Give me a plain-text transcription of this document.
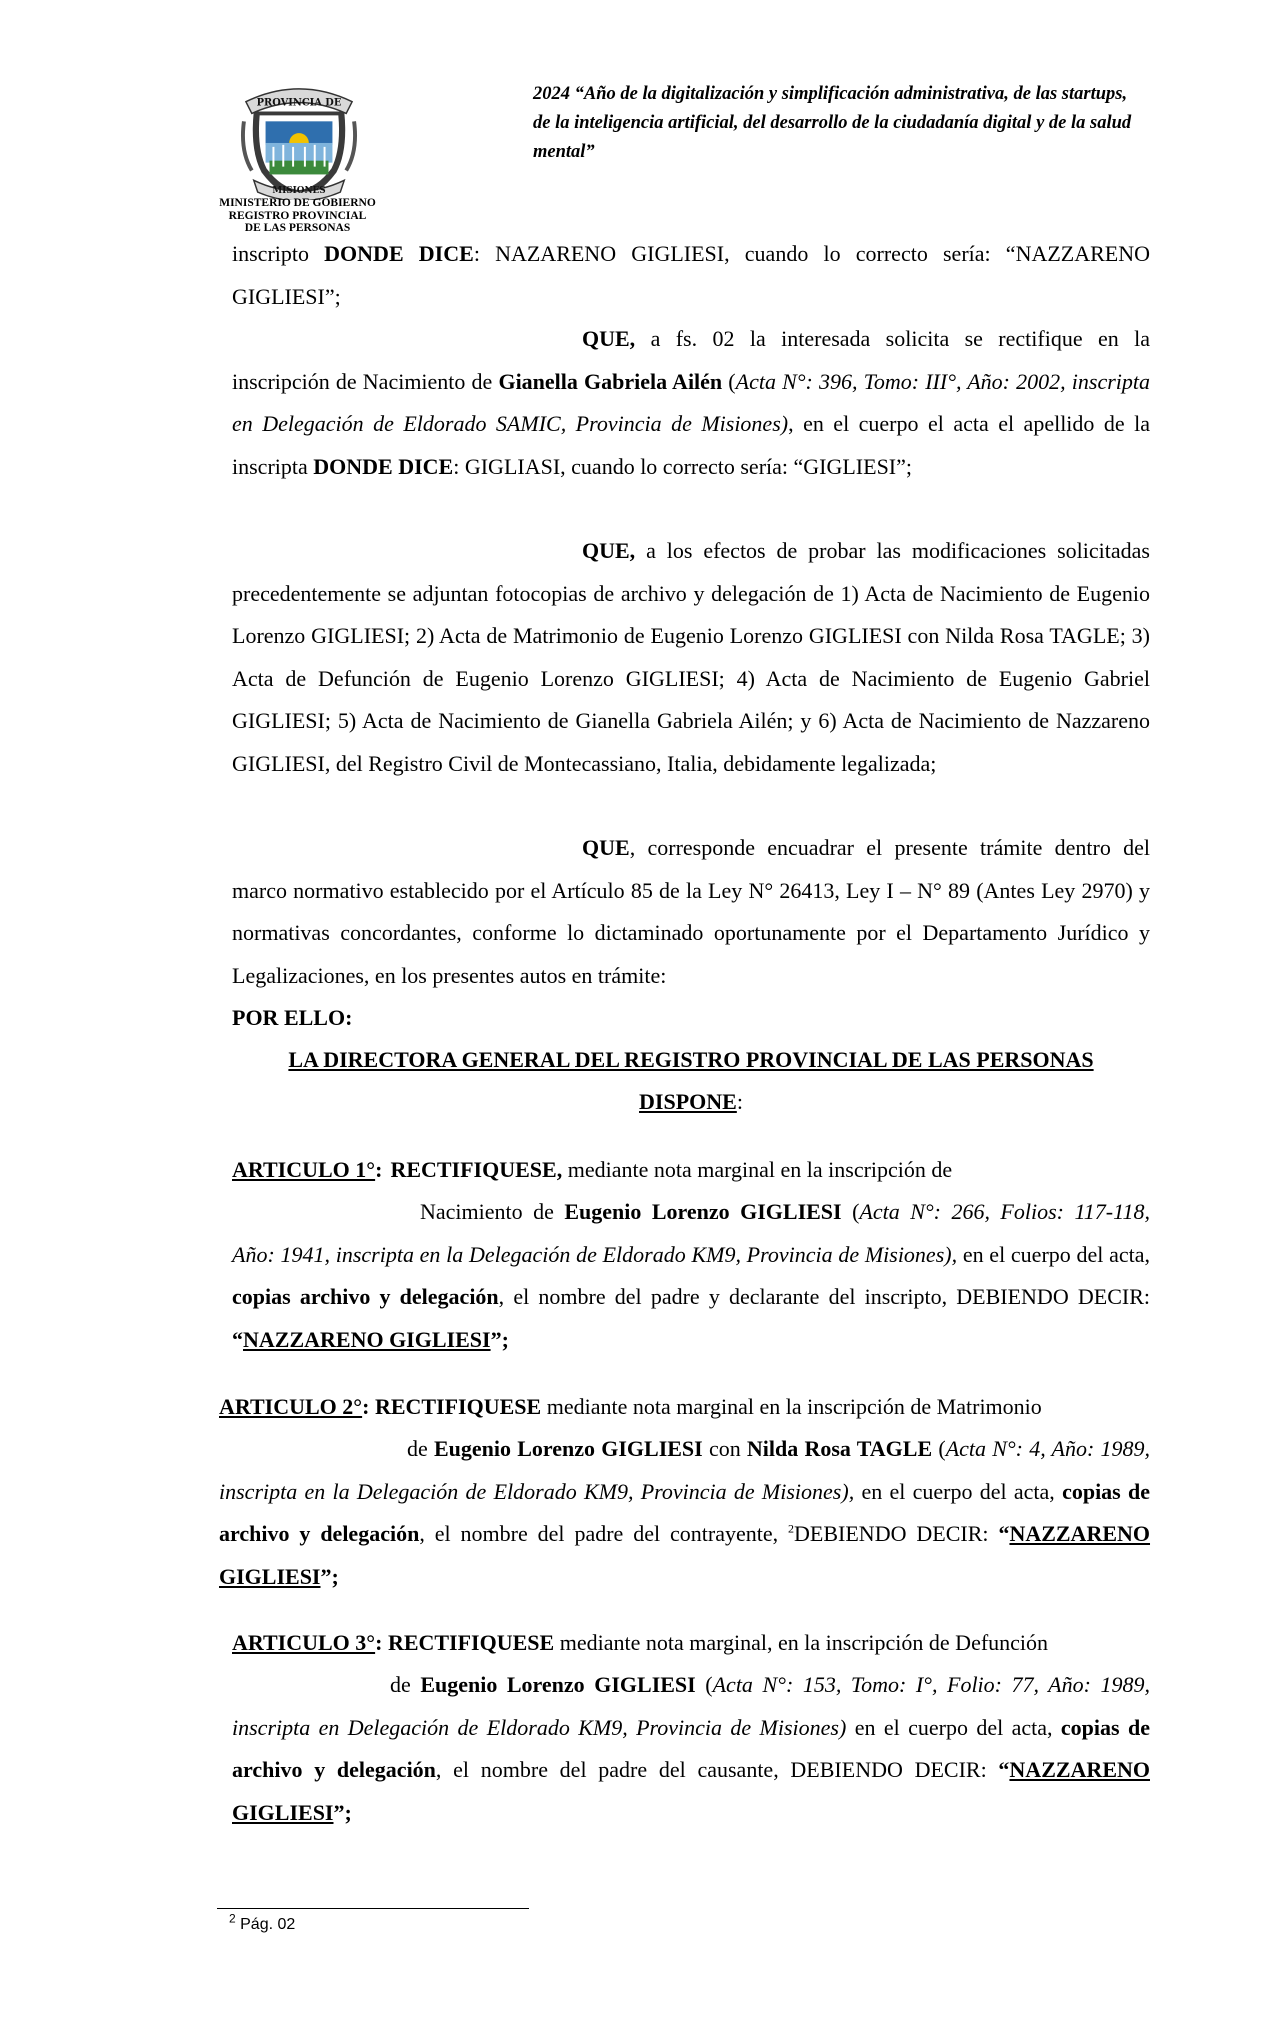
PROVINCIA DE
MISIONES
MINISTERIO DE GOBIERNO
REGISTRO PROVINCIAL
DE LAS PERSONAS
2024 “Año de la digitalización y simplificación administrativa, de las startups, de la inteligencia artificial, del desarrollo de la ciudadanía digital y de la salud mental”

inscripto DONDE DICE: NAZARENO GIGLIESI, cuando lo correcto sería: “NAZZARENO GIGLIESI”;

QUE, a fs. 02 la interesada solicita se rectifique en la inscripción de Nacimiento de Gianella Gabriela Ailén (Acta N°: 396, Tomo: III°, Año: 2002, inscripta en Delegación de Eldorado SAMIC, Provincia de Misiones), en el cuerpo el acta el apellido de la inscripta DONDE DICE: GIGLIASI, cuando lo correcto sería: “GIGLIESI”;

QUE, a los efectos de probar las modificaciones solicitadas precedentemente se adjuntan fotocopias de archivo y delegación de 1) Acta de Nacimiento de Eugenio Lorenzo GIGLIESI; 2) Acta de Matrimonio de Eugenio Lorenzo GIGLIESI con Nilda Rosa TAGLE; 3) Acta de Defunción de Eugenio Lorenzo GIGLIESI; 4) Acta de Nacimiento de Eugenio Gabriel GIGLIESI; 5) Acta de Nacimiento de Gianella Gabriela Ailén; y 6) Acta de Nacimiento de Nazzareno GIGLIESI, del Registro Civil de Montecassiano, Italia, debidamente legalizada;

QUE, corresponde encuadrar el presente trámite dentro del marco normativo establecido por el Artículo 85 de la Ley N° 26413, Ley I – N° 89 (Antes Ley 2970) y normativas concordantes, conforme lo dictaminado oportunamente por el Departamento Jurídico y Legalizaciones, en los presentes autos en trámite:

POR ELLO:

LA DIRECTORA GENERAL DEL REGISTRO PROVINCIAL DE LAS PERSONAS

DISPONE:

ARTICULO 1°: RECTIFIQUESE, mediante nota marginal en la inscripción de

Nacimiento de Eugenio Lorenzo GIGLIESI (Acta N°: 266, Folios: 117-118, Año: 1941, inscripta en la Delegación de Eldorado KM9, Provincia de Misiones), en el cuerpo del acta, copias archivo y delegación, el nombre del padre y declarante del inscripto, DEBIENDO DECIR: “NAZZARENO GIGLIESI”;

ARTICULO 2°: RECTIFIQUESE mediante nota marginal en la inscripción de Matrimonio

de Eugenio Lorenzo GIGLIESI con Nilda Rosa TAGLE (Acta N°: 4, Año: 1989, inscripta en la Delegación de Eldorado KM9, Provincia de Misiones), en el cuerpo del acta, copias de archivo y delegación, el nombre del padre del contrayente, $^2$DEBIENDO DECIR: “NAZZARENO GIGLIESI”;

ARTICULO 3°: RECTIFIQUESE mediante nota marginal, en la inscripción de Defunción

de Eugenio Lorenzo GIGLIESI (Acta N°: 153, Tomo: I°, Folio: 77, Año: 1989, inscripta en Delegación de Eldorado KM9, Provincia de Misiones) en el cuerpo del acta, copias de archivo y delegación, el nombre del padre del causante, DEBIENDO DECIR: “NAZZARENO GIGLIESI”;

$^2$ Pág. 02
